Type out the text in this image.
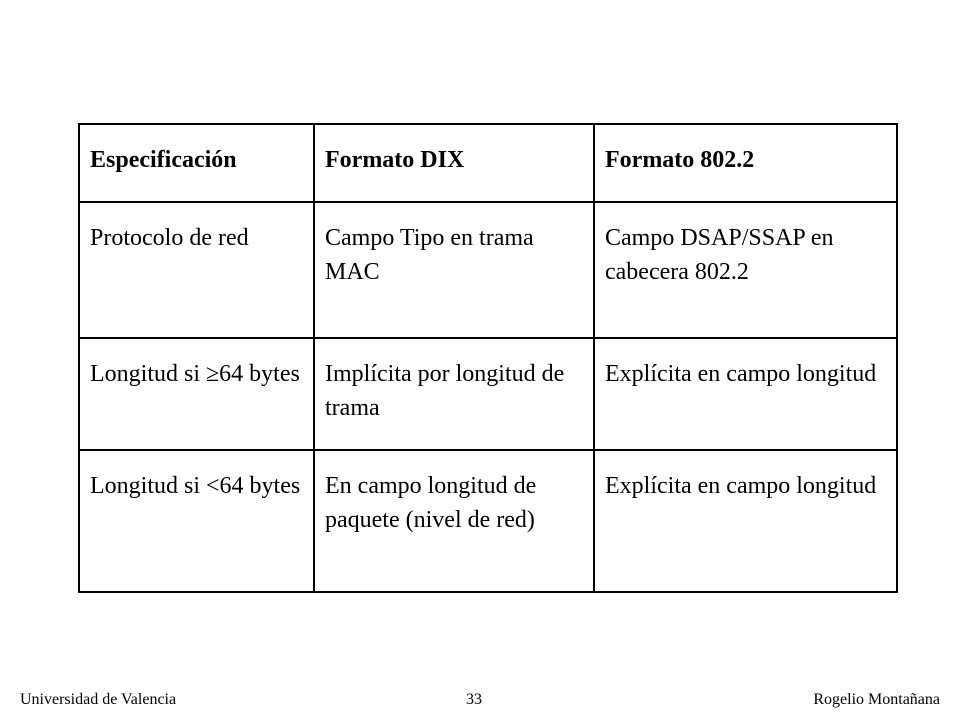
Especificación	Formato DIX	Formato 802.2
Protocolo de red	Campo Tipo en trama MAC	Campo DSAP/SSAP en cabecera 802.2
Longitud si ≥64 bytes	Implícita por longitud de trama	Explícita en campo longitud
Longitud si <64 bytes	En campo longitud de paquete (nivel de red)	Explícita en campo longitud
Universidad de Valencia	33	Rogelio Montañana
